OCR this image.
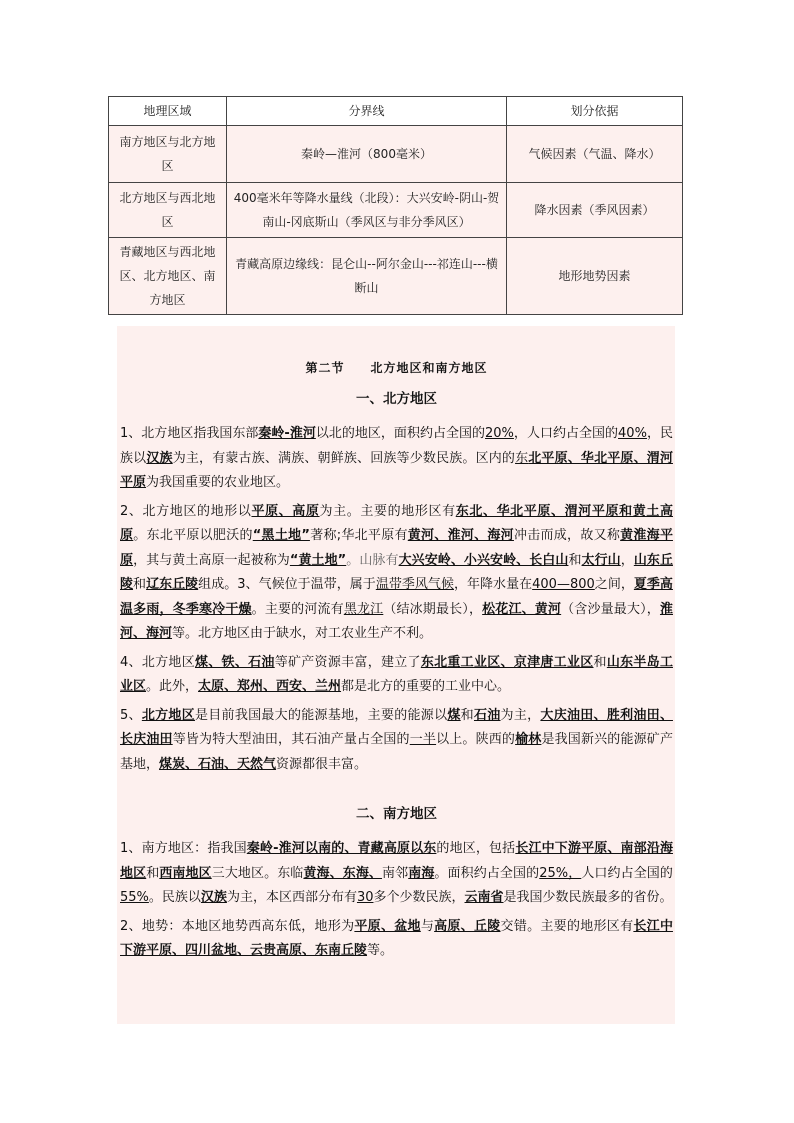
地理区域	分界线	划分依据
南方地区与北方地区	秦岭—淮河（800毫米）	气候因素（气温、降水）
北方地区与西北地区	400毫米年等降水量线（北段）：大兴安岭-阴山-贺南山-冈底斯山（季风区与非分季风区）	降水因素（季风因素）
青藏地区与西北地区、北方地区、南方地区	青藏高原边缘线：昆仑山--阿尔金山---祁连山---横断山	地形地势因素
第二节 北方地区和南方地区
一、北方地区

1、北方地区指我国东部秦岭-淮河以北的地区，面积约占全国的20%，人口约占全国的40%，民族以汉族为主，有蒙古族、满族、朝鲜族、回族等少数民族。区内的东北平原、华北平原、渭河平原为我国重要的农业地区。

2、北方地区的地形以平原、高原为主。主要的地形区有东北、华北平原、渭河平原和黄土高原。东北平原以肥沃的“黑土地”著称;华北平原有黄河、淮河、海河冲击而成，故又称黄淮海平原，其与黄土高原一起被称为“黄土地”。山脉有大兴安岭、小兴安岭、长白山和太行山，山东丘陵和辽东丘陵组成。3、气候位于温带，属于温带季风气候，年降水量在400—800之间，夏季高温多雨，冬季寒冷干燥。主要的河流有黑龙江（结冰期最长），松花江、黄河（含沙量最大），淮河、海河等。北方地区由于缺水，对工农业生产不利。

4、北方地区煤、铁、石油等矿产资源丰富，建立了东北重工业区、京津唐工业区和山东半岛工业区。此外，太原、郑州、西安、兰州都是北方的重要的工业中心。

5、北方地区是目前我国最大的能源基地，主要的能源以煤和石油为主，大庆油田、胜利油田、长庆油田等皆为特大型油田，其石油产量占全国的一半以上。陕西的榆林是我国新兴的能源矿产基地，煤炭、石油、天然气资源都很丰富。

二、南方地区

1、南方地区：指我国秦岭-淮河以南的、青藏高原以东的地区，包括长江中下游平原、南部沿海地区和西南地区三大地区。东临黄海、东海、南邻南海。面积约占全国的25%，人口约占全国的55%。民族以汉族为主，本区西部分布有30多个少数民族，云南省是我国少数民族最多的省份。

2、地势：本地区地势西高东低，地形为平原、盆地与高原、丘陵交错。主要的地形区有长江中下游平原、四川盆地、云贵高原、东南丘陵等。
